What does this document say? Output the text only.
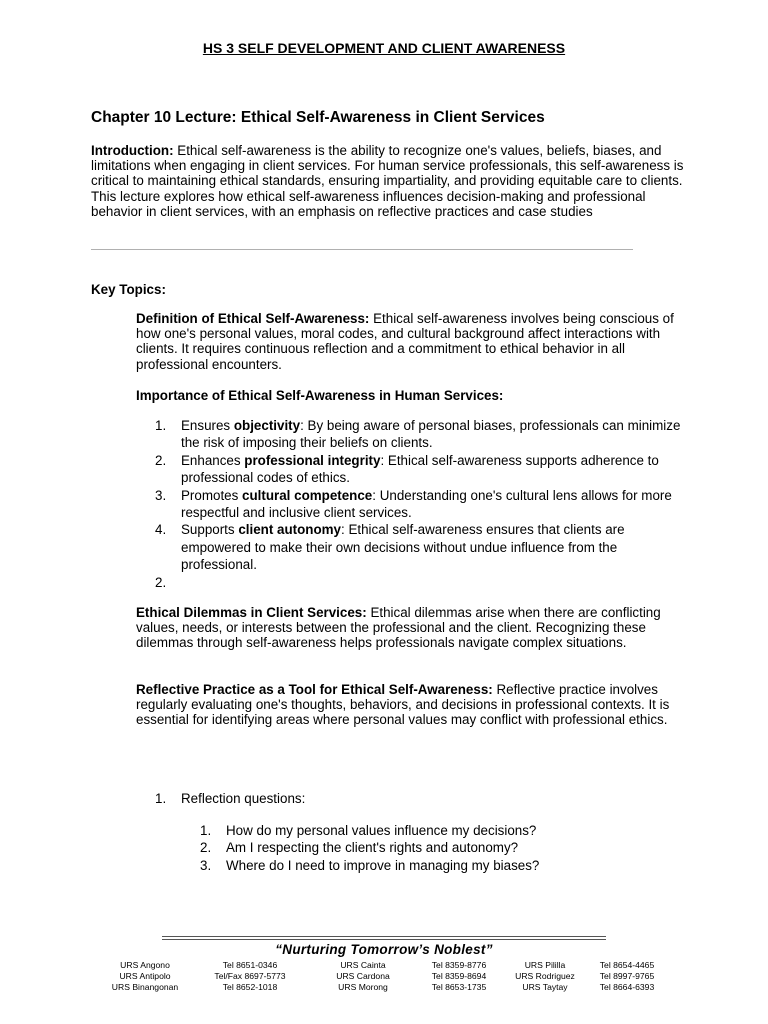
HS 3 SELF DEVELOPMENT AND CLIENT AWARENESS
Chapter 10 Lecture: Ethical Self-Awareness in Client Services
Introduction: Ethical self-awareness is the ability to recognize one's values, beliefs, biases, and limitations when engaging in client services. For human service professionals, this self-awareness is critical to maintaining ethical standards, ensuring impartiality, and providing equitable care to clients. This lecture explores how ethical self-awareness influences decision-making and professional behavior in client services, with an emphasis on reflective practices and case studies
Key Topics:
Definition of Ethical Self-Awareness: Ethical self-awareness involves being conscious of how one's personal values, moral codes, and cultural background affect interactions with clients. It requires continuous reflection and a commitment to ethical behavior in all professional encounters.
Importance of Ethical Self-Awareness in Human Services:
1.	Ensures objectivity: By being aware of personal biases, professionals can minimize the risk of imposing their beliefs on clients.
2.	Enhances professional integrity: Ethical self-awareness supports adherence to professional codes of ethics.
3.	Promotes cultural competence: Understanding one's cultural lens allows for more respectful and inclusive client services.
4.	Supports client autonomy: Ethical self-awareness ensures that clients are empowered to make their own decisions without undue influence from the professional.
2.
Ethical Dilemmas in Client Services: Ethical dilemmas arise when there are conflicting values, needs, or interests between the professional and the client. Recognizing these dilemmas through self-awareness helps professionals navigate complex situations.
Reflective Practice as a Tool for Ethical Self-Awareness: Reflective practice involves regularly evaluating one's thoughts, behaviors, and decisions in professional contexts. It is essential for identifying areas where personal values may conflict with professional ethics.
1.	Reflection questions:
1.	How do my personal values influence my decisions?
2.	Am I respecting the client's rights and autonomy?
3.	Where do I need to improve in managing my biases?
“Nurturing Tomorrow’s Noblest”
URS Angono	Tel 8651-0346	URS Cainta	Tel 8359-8776	URS Pililla	Tel 8654-4465
URS Antipolo	Tel/Fax 8697-5773	URS Cardona	Tel 8359-8694	URS Rodriguez	Tel 8997-9765
URS Binangonan	Tel 8652-1018	URS Morong	Tel 8653-1735	URS Taytay	Tel 8664-6393
